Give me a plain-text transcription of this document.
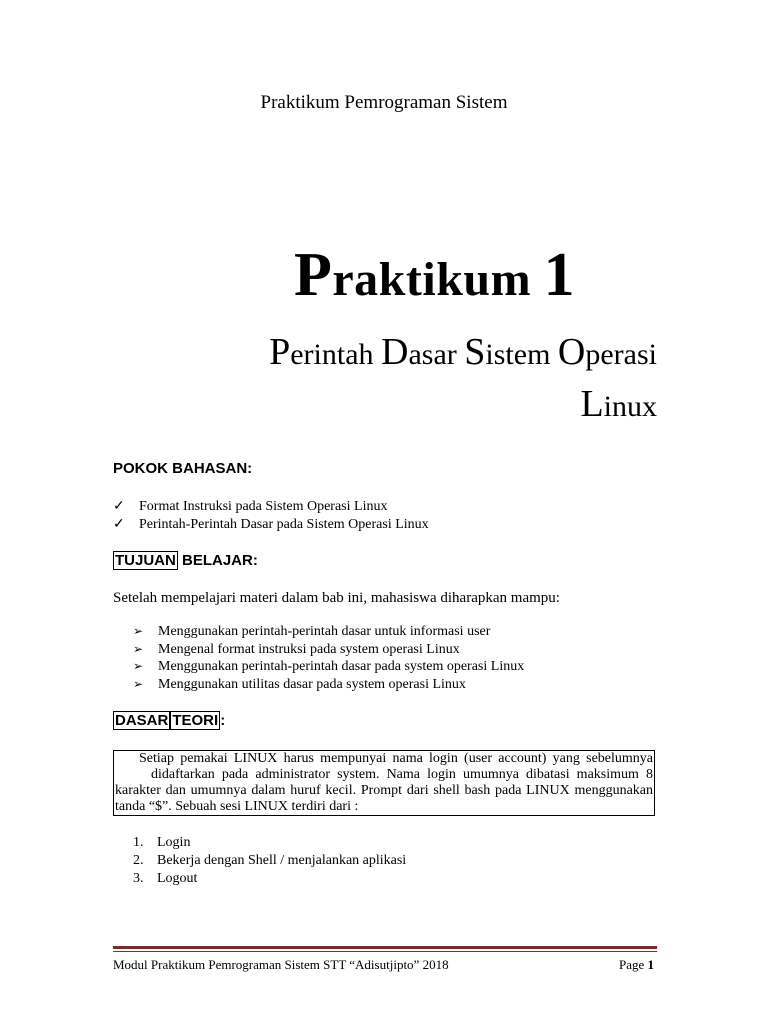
Praktikum Pemrograman Sistem
Praktikum 1
Perintah Dasar Sistem Operasi
Linux
POKOK BAHASAN:
✓ Format Instruksi pada Sistem Operasi Linux
✓ Perintah-Perintah Dasar pada Sistem Operasi Linux
TUJUAN BELAJAR:
Setelah mempelajari materi dalam bab ini, mahasiswa diharapkan mampu:
➢ Menggunakan perintah-perintah dasar untuk informasi user
➢ Mengenal format instruksi pada system operasi Linux
➢ Menggunakan perintah-perintah dasar pada system operasi Linux
➢ Menggunakan utilitas dasar pada system operasi Linux
DASAR TEORI :

Setiap pemakai LINUX harus mempunyai nama login (user account) yang sebelumnya

didaftarkan pada administrator system. Nama login umumnya dibatasi maksimum 8

karakter dan umumnya dalam huruf kecil. Prompt dari shell bash pada LINUX menggunakan

tanda “$”. Sebuah sesi LINUX terdiri dari :

1. Login
2. Bekerja dengan Shell / menjalankan aplikasi
3. Logout
Modul Praktikum Pemrograman Sistem STT “Adisutjipto” 2018	Page 1
